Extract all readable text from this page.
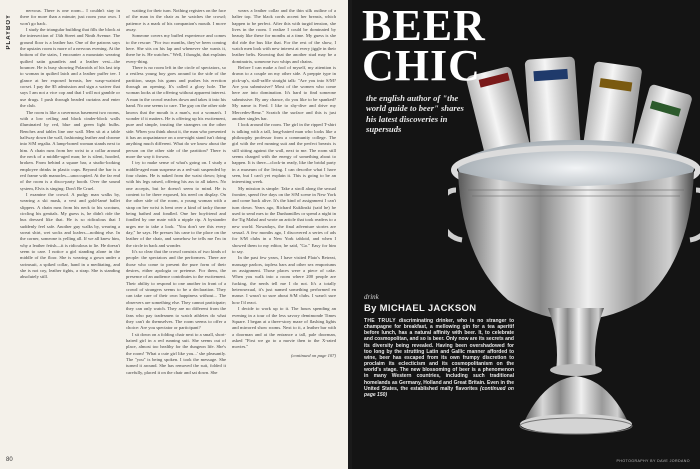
PLAYBOY
80

nervous. There is one room... I couldn't stay in there for more than a minute; just room your own. I won't go back.

I study the triangular building that fills the block at the intersection of 13th Street and Ninth Avenue. The ground floor is a leather bar. One of the patrons says the upstairs room is more of a nervous evening. At the bottom of the stairs, I encounter a mountain wearing quilted satin gauntlets and a leather vest—the bouncer. He is busy showing Polaroids of his last trip to woman in quilted latch and a leather puffer tee. I glance at her exposed breasts, her wasp-waisted corset. I pay the $5 admission and sign a waiver that says I am not a vice cop and that I will not gamble or use drugs. I push through beaded curtains and enter the club.

The room is like a cavernous basement two rooms, with a low ceiling and black cinder-block walls illuminated by red, blue and green light bulbs. Benches and tables line one wall. Men sit at a table halfway down the wall, fashioning leather and chrome into S/M regalia. A lamp-boned woman stands next to him. A chain runs from her wrist to a collar around the neck of a middle-aged man; he is silent, hooded, broken. From behind a square bar, a studio-looking employee drinks in plastic cups. Beyond the bar is a red frame with manacles—unoccupied. At the far end of the room is a disco-party booth. Over the sound system, Elvis is singing: Don't Be Cruel.

I examine the crowd. A pudgy man walks by, wearing a ski mask, a vest and gold-lamé ballet slippers. A chain runs from his neck to his scrotum, circling his genitals. My guess is, he didn't ride the bus dressed like that. He is so ridiculous that I suddenly feel safe. Another guy walks by, wearing a sweat shirt, wet socks and loafers—nothing else. In the corner, someone is yelling all. If we all knew him, why a leather fetish—it is ridiculous to lie. He doesn't seem to care. I notice a girl standing alone in the middle of the floor. She is wearing a gown under a swimsuit, a spiked collar, hand in a meditating, and she is not coy, leather tights, a strap. She is standing absolutely still.

waiting for their turn. Nothing registers on the face of the man in the chair as he watches the crowd; patience is a mark of his companion's mouth. I move away.

Someone covers my buffed experience and comes to the rescue: "For two months, they've been coming here. She sits on his lap and whenever she wants it, there he is. He watches." Well, I thought, that explains every-thing.

There is no room left in the circle of spectators, so a restless young boy goes around to the side of the partition, snaps his gums and pushes his erection through an opening. It's called a glory hole. The woman looks at the offering without apparent interest. A man in the crowd reaches down and takes it into his hand. No one seems to care. The guy on the other side knows that the mouth is a man's, not a woman's. I wonder if it matters. He is offering up his excitement, pure and simple, trusting the strangers on the other side. When you think about it, the man who presented it has an acquaintance on a one-night stand isn't doing anything much different. What do we know about the person on the other side of the partition? There is more the way it frowns.

I try to make sense of what's going on. I study a middle-aged man suspense as a red-suit suspended by four chains. He is naked from the waist down; lying with his legs raised, offering his ass to all takers. No one accepts, but he doesn't seem to mind. He is content to be there exposed, his need on display. On the other side of the room, a young woman with a strap on her wrist is bent over a kind of tacky throne being bathed and fondled. One her boyfriend and fondled by one mate with a nipple rip. A bystander urges me to take a look. "You don't see this every day," he says. He presses his cane to the place on the leather of the chair, and somehow he tells me I'm in the circle in back and wonder.

It's so clear that the crowd consists of two kinds of people: the spectators and the performers. There are those who come to present the pure form of their desires, either apologia or pretense. For them, the presence of an audience contributes to the excitement. Their ability to respond to one another in front of a crowd of strangers seems to be a declaration. They can take care of their own happiness without... The observers are something else. They cannot participate; they can only watch. They are no different from the fans who pay tradesmen to watch athletes do what they can't do themselves. The room seems to offer a choice: Are you spectator or participant?

I sit down on a folding chair next to a small, short-haired girl in a red running suit. She seems out of place, almost too healthy for the dungeon life. She's the room! 'What a cute girl like you...' she pleasantly. The "you" is being spoken. I took the message. She turned it around. She has removed the suit, folded it carefully, placed it on the chair and sat down. She

wears a leather collar and the thin silk outline of a halter top. The black cords accent her breasts, which happen to be perfect. After this with turgid tension, she lives in the room. I realize I could be dominated by beauty like these for months at a time. My guess is she did ride the bus like that. For the rest of the show, I watch men look with new interest at every jiggle in their leather belts. Knowing that the another stud may be a dominatrix, someone two whips and chains.

Before I can make a fool of myself, my attention is drawn to a couple on my other side. A preppie type in pick-up's, stall-raffle straight talk: "Are you into S/M? Are you submissive? Most of the women who come here are into domination. It's hard to find someone submissive. By any chance, do you like to be spanked? My name is Fred. I like to shy-dive and drive my Mercedes-Benz." Scratch the surface and this is just another singles bar.

I look around the room. The girl in the ripped T-shirt is talking with a tall, long-haired man who looks like a philosophy professor from a community college. The girl with the red running suit and the perfect breasts is still sitting against the wall, next to me. The room still seems charged with the energy of something about to happen. It is there—clock-in ready, like the bridal party in a museum of the living. I can describe what I have seen, but I can't yet explain it. This is going to be an interesting week.

My mission is simple: Take a stroll along the sexual frontier, spend five days on the S/M scene in New York and come back alive. It's the kind of assignment I can't turn down. Years ago, Richard Kuklinski (said he) he used to send mes to the Dunhamilles or spend a night in the Tig Mahal and wrote an article that took readers to a new world. Nowadays, the final adventure stories are sexual. A few months ago, I discovered a series of ads for S/M clubs in a New York tabloid, and when I showed them to my editor, he said, "Go." Easy for him to say.

In the past few years, I have visited Plato's Retreat, massage parlors, topless bars and other sex emporiums on assignment. Those places were a piece of cake. When you walk into a room where 200 people are fucking, the nerds tell me I do not. It's a totally heterosexual, it's just named something performed en masse. I wasn't so sure about S/M clubs. I wasn't sure how I'd react.

I decide to work up to it. The hours spending an evening in a tour of the less savory demimonde Times Square. I began at a three-story maze of flashing lights and mirrored show rooms. Next to it, a leather bar with a doorman and at the entrance a tall, pale doorman, asked "First we go to a movie then to the X-rated movies."

(continued on page 107)
BEER
CHIC
the english author of "the world guide to beer" shares his latest discoveries in supersuds
drink
By MICHAEL JACKSON
THE TRULY discriminating drinker, who is no stranger to champagne for breakfast, a mellowing gin for a tea aperitif before lunch, has a natural affinity with beer. It, to celebrate and cosmopolitan, and so is beer. Only now are its secrets and its diversity being revealed. Having been overshadowed for too long by the strutting Latin and Gallic manner afforded to wine, beer has escaped from its own frumpy discretion to proclaim its eclecticism and its cosmopolitanism on the world's stage. The new blossoming of beer is a phenomenon in many Western countries, including such traditional homelands as Germany, Holland and Great Britain. Even in the United States, the established malty flavorites (continued on page 150)
PHOTOGRAPHY BY DAVE JORDANO
